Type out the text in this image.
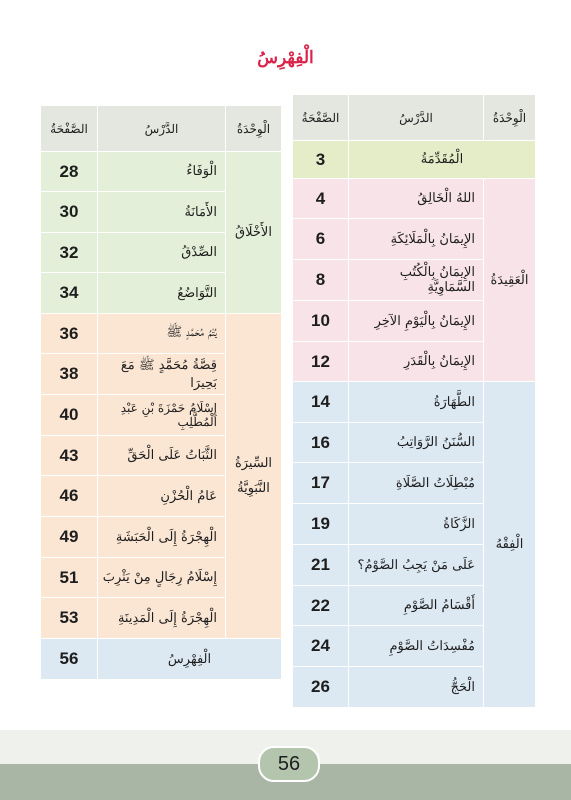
الْفِهْرِسُ
الْوِحْدَةُ	الدَّرْسُ	الصَّفْحَةُ
الْمُقَدِّمَةُ		3
الْعَقِيدَةُ	اللهُ الْخَالِقُ	4
	الإِيمَانُ بِالْمَلَائِكَةِ	6
	الإِيمَانُ بِالْكُتُبِ السَّمَاوِيَّةِ	8
	الإِيمَانُ بِالْيَوْمِ الآخِرِ	10
	الإِيمَانُ بِالْقَدَرِ	12
الْفِقْهُ	الطَّهَارَةُ	14
	السُّنَنُ الرَّوَاتِبُ	16
	مُبْطِلَاتُ الصَّلَاةِ	17
	الزَّكَاةُ	19
	عَلَى مَنْ يَجِبُ الصَّوْمُ؟	21
	أَقْسَامُ الصَّوْمِ	22
	مُفْسِدَاتُ الصَّوْمِ	24
	الْحَجُّ	26
الْوِحْدَةُ	الدَّرْسُ	الصَّفْحَةُ
الأَخْلَاقُ	الْوَفَاءُ	28
	الأَمَانَةُ	30
	الصِّدْقُ	32
	التَّوَاضُعُ	34

السِّيرَةُ
النَّبَوِيَّةُ	يُتْمُ مُحَمَّدٍ ﷺ	36
	قِصَّةُ مُحَمَّدٍ ﷺ مَعَ بَحِيرَا	38
	إِسْلَامُ حَمْزَةَ بْنِ عَبْدِ الْمُطَّلِبِ	40
	الثَّبَاتُ عَلَى الْحَقِّ	43
	عَامُ الْحُزْنِ	46
	الْهِجْرَةُ إِلَى الْحَبَشَةِ	49
	إِسْلَامُ رِجَالٍ مِنْ يَثْرِبَ	51
	الْهِجْرَةُ إِلَى الْمَدِينَةِ	53
الْفِهْرِسُ		56
56
